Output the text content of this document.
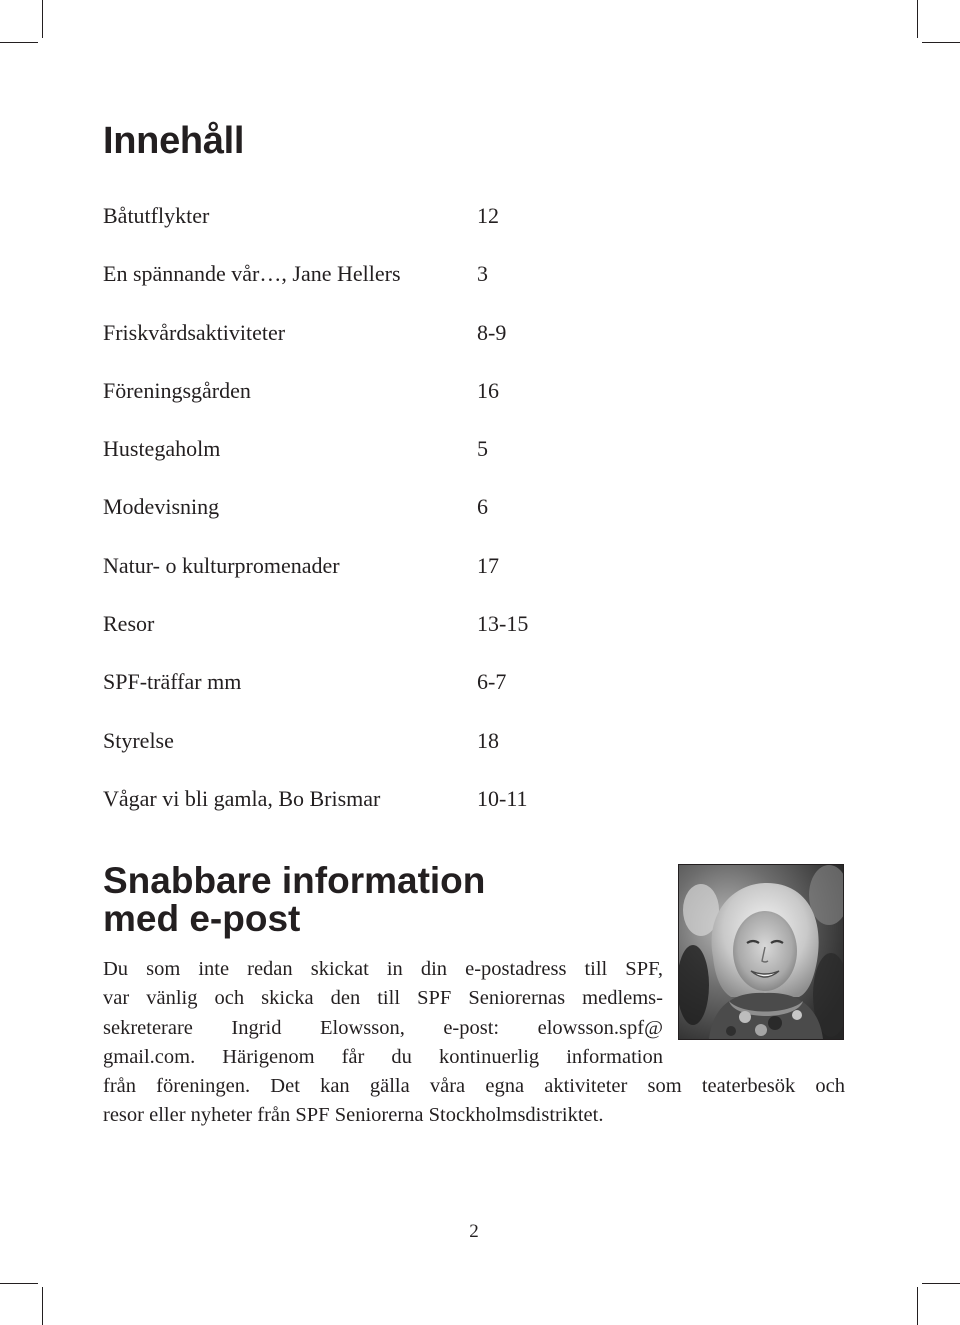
Innehåll
Båtutflykter	12
En spännande vår…, Jane Hellers	3
Friskvårdsaktiviteter	8-9
Föreningsgården	16
Hustegaholm	5
Modevisning	6
Natur- o kulturpromenader	17
Resor	13-15
SPF-träffar mm	6-7
Styrelse	18
Vågar vi bli gamla, Bo Brismar	10-11
Snabbare information
med e-post

Du som inte redan skickat in din e-postadress till SPF,
var vänlig och skicka den till SPF Seniorernas medlems-
sekreterare Ingrid Elowsson, e-post: elowsson.spf@
gmail.com. Härigenom får du kontinuerlig information
från föreningen. Det kan gälla våra egna aktiviteter som teaterbesök och
resor eller nyheter från SPF Seniorerna Stockholmsdistriktet.

2
